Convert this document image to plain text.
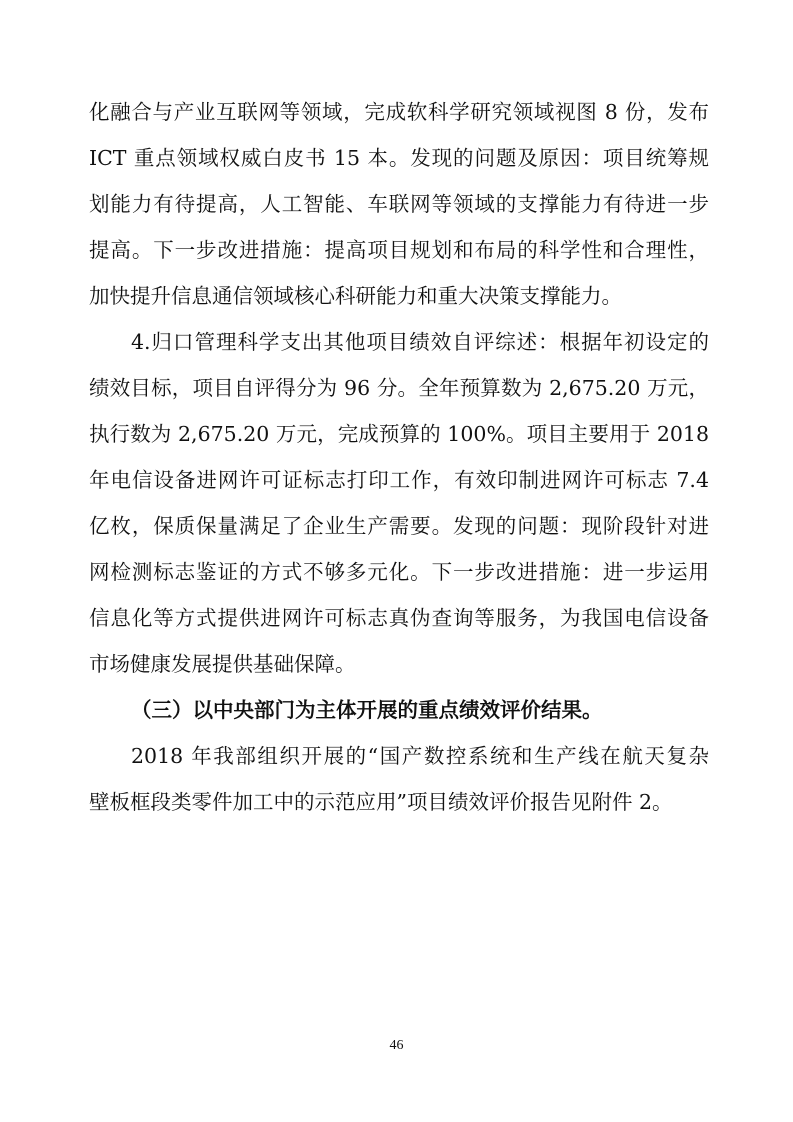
化融合与产业互联网等领域，完成软科学研究领域视图 8 份，发布
ICT 重点领域权威白皮书 15 本。发现的问题及原因：项目统筹规
划能力有待提高，人工智能、车联网等领域的支撑能力有待进一步
提高。下一步改进措施：提高项目规划和布局的科学性和合理性，
加快提升信息通信领域核心科研能力和重大决策支撑能力。
4.归口管理科学支出其他项目绩效自评综述：根据年初设定的
绩效目标，项目自评得分为 96 分。全年预算数为 2,675.20 万元，
执行数为 2,675.20 万元，完成预算的 100%。项目主要用于 2018
年电信设备进网许可证标志打印工作，有效印制进网许可标志 7.4
亿枚，保质保量满足了企业生产需要。发现的问题：现阶段针对进
网检测标志鉴证的方式不够多元化。下一步改进措施：进一步运用
信息化等方式提供进网许可标志真伪查询等服务，为我国电信设备
市场健康发展提供基础保障。
（三）以中央部门为主体开展的重点绩效评价结果。
2018 年我部组织开展的“国产数控系统和生产线在航天复杂
壁板框段类零件加工中的示范应用”项目绩效评价报告见附件 2。
46
